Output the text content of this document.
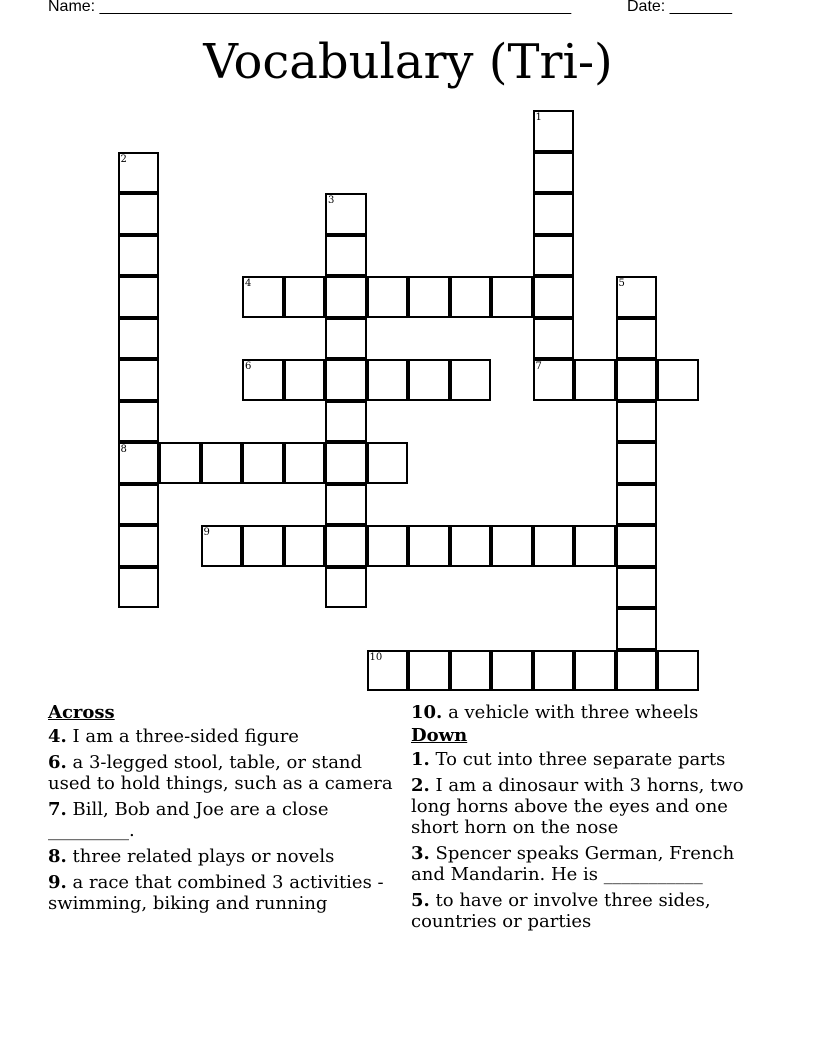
Name: _____________________________________________________	Date: _______
Vocabulary (Tri-)
1
7
2
8
3
4	5
6
9
10
Across
4. I am a three-sided figure
6. a 3-legged stool, table, or stand used to hold things, such as a camera
7. Bill, Bob and Joe are a close _________.
8. three related plays or novels
9. a race that combined 3 activities - swimming, biking and running
10. a vehicle with three wheels
Down
1. To cut into three separate parts
2. I am a dinosaur with 3 horns, two long horns above the eyes and one short horn on the nose
3. Spencer speaks German, French and Mandarin. He is ___________
5. to have or involve three sides, countries or parties
